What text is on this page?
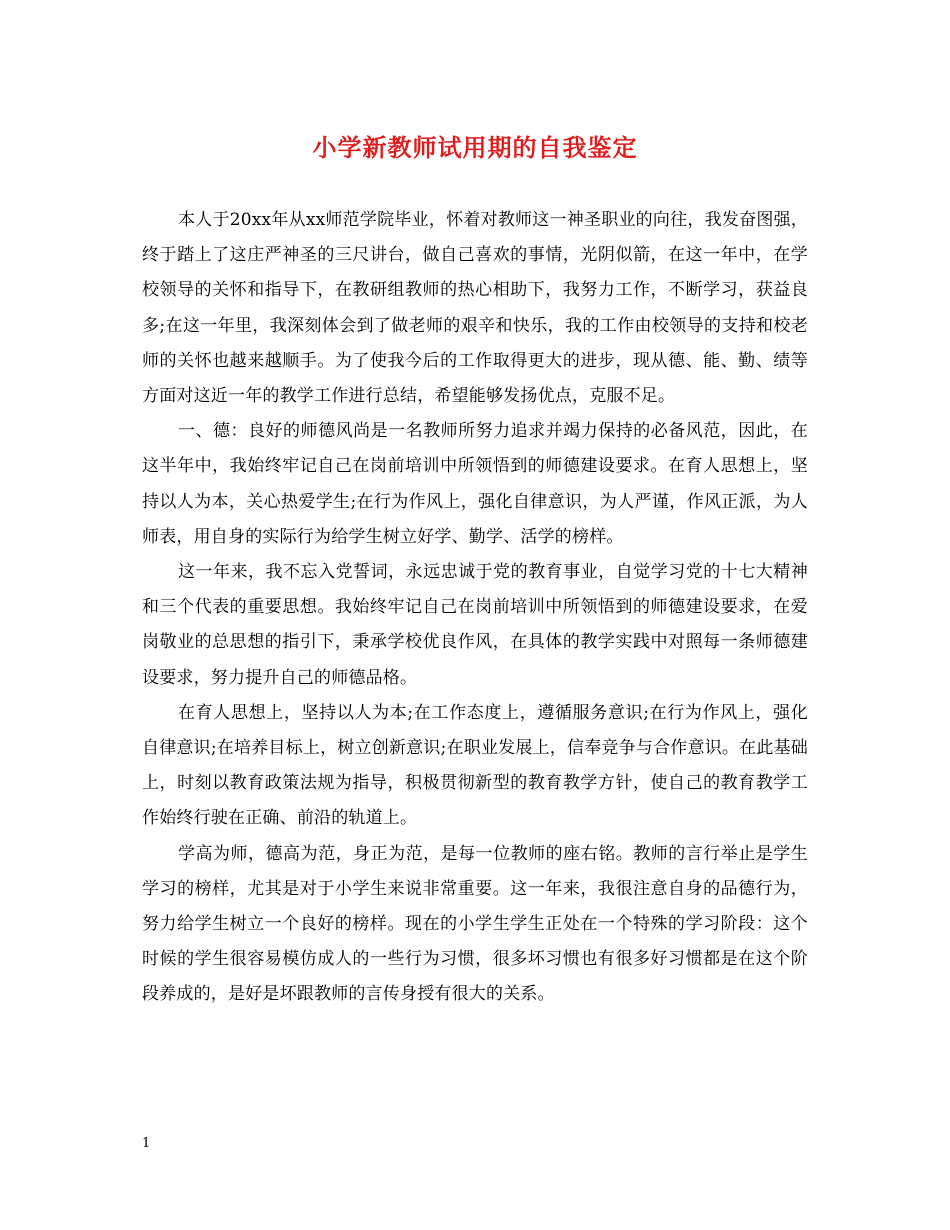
小学新教师试用期的自我鉴定

本人于20xx年从xx师范学院毕业，怀着对教师这一神圣职业的向往，我发奋图强，终于踏上了这庄严神圣的三尺讲台，做自己喜欢的事情，光阴似箭，在这一年中，在学校领导的关怀和指导下，在教研组教师的热心相助下，我努力工作，不断学习，获益良多;在这一年里，我深刻体会到了做老师的艰辛和快乐，我的工作由校领导的支持和校老师的关怀也越来越顺手。为了使我今后的工作取得更大的进步，现从德、能、勤、绩等方面对这近一年的教学工作进行总结，希望能够发扬优点，克服不足。

一、德：良好的师德风尚是一名教师所努力追求并竭力保持的必备风范，因此，在这半年中，我始终牢记自己在岗前培训中所领悟到的师德建设要求。在育人思想上，坚持以人为本，关心热爱学生;在行为作风上，强化自律意识，为人严谨，作风正派，为人师表，用自身的实际行为给学生树立好学、勤学、活学的榜样。

这一年来，我不忘入党誓词，永远忠诚于党的教育事业，自觉学习党的十七大精神和三个代表的重要思想。我始终牢记自己在岗前培训中所领悟到的师德建设要求，在爱岗敬业的总思想的指引下，秉承学校优良作风，在具体的教学实践中对照每一条师德建设要求，努力提升自己的师德品格。

在育人思想上，坚持以人为本;在工作态度上，遵循服务意识;在行为作风上，强化自律意识;在培养目标上，树立创新意识;在职业发展上，信奉竞争与合作意识。在此基础上，时刻以教育政策法规为指导，积极贯彻新型的教育教学方针，使自己的教育教学工作始终行驶在正确、前沿的轨道上。

学高为师，德高为范，身正为范，是每一位教师的座右铭。教师的言行举止是学生学习的榜样，尤其是对于小学生来说非常重要。这一年来，我很注意自身的品德行为，努力给学生树立一个良好的榜样。现在的小学生学生正处在一个特殊的学习阶段：这个时候的学生很容易模仿成人的一些行为习惯，很多坏习惯也有很多好习惯都是在这个阶段养成的，是好是坏跟教师的言传身授有很大的关系。

1
